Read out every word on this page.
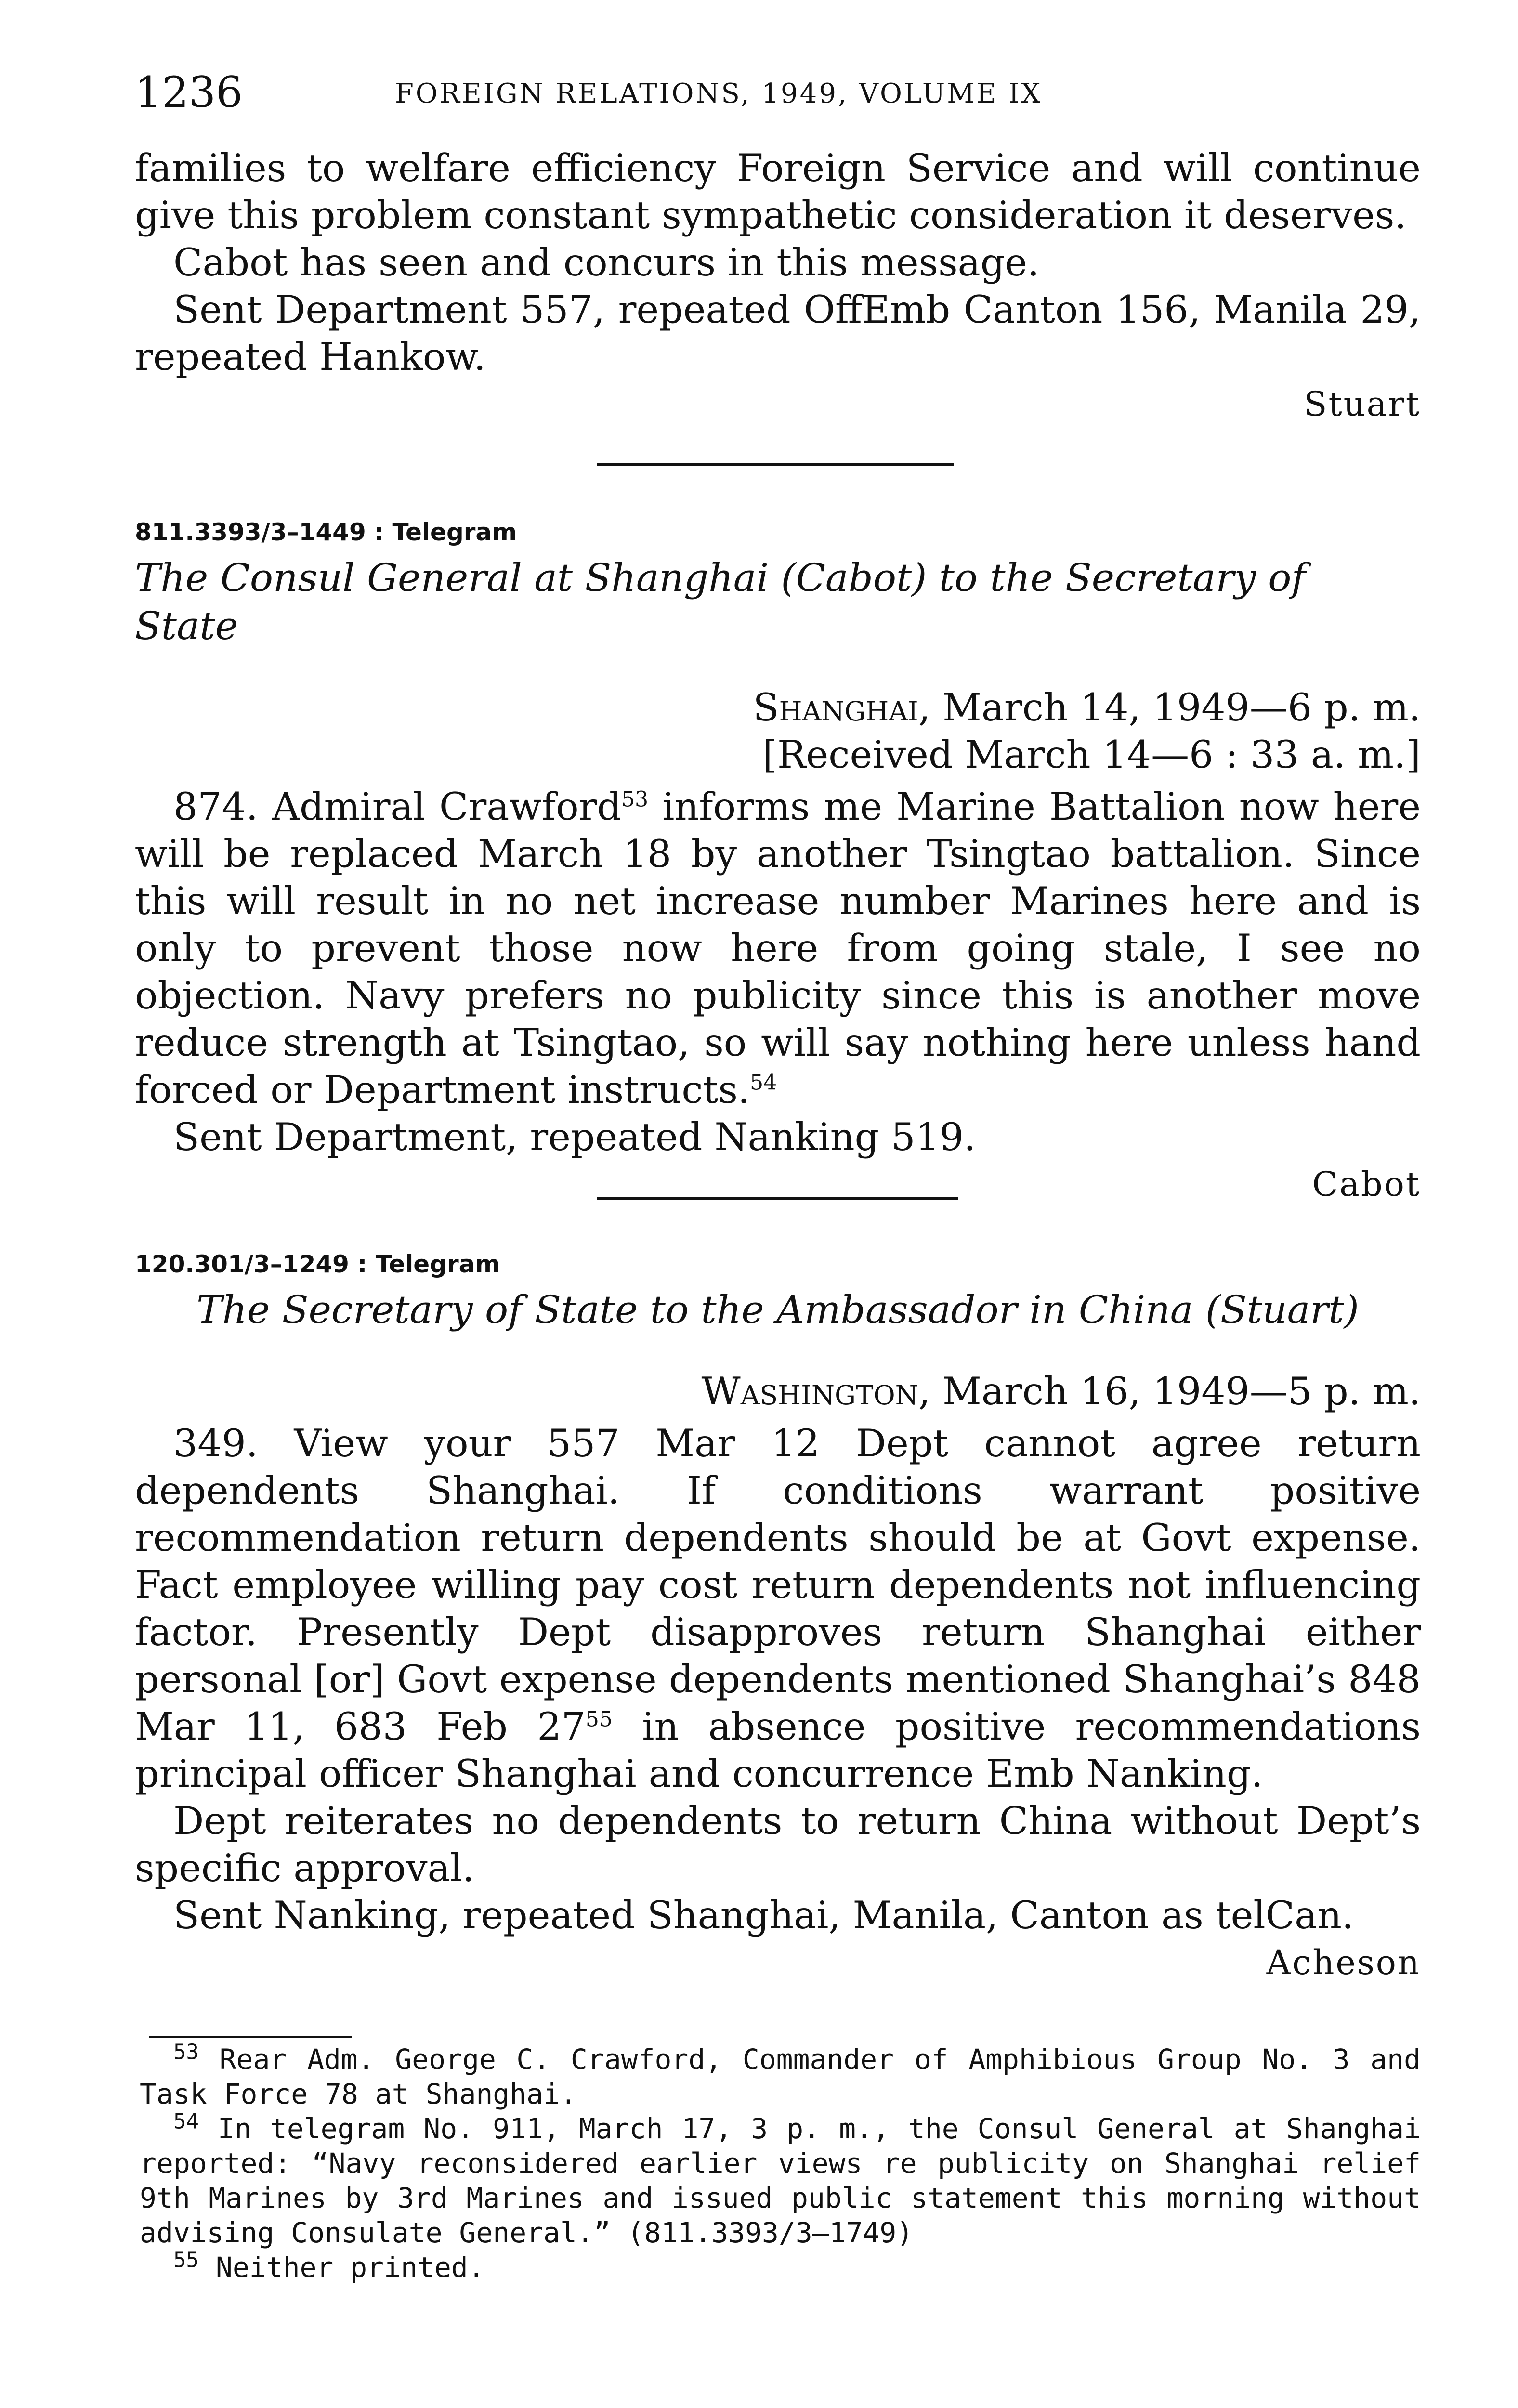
1236	FOREIGN RELATIONS, 1949, VOLUME IX

families to welfare efficiency Foreign Service and will continue give this problem constant sympathetic consideration it deserves.

Cabot has seen and concurs in this message.

Sent Department 557, repeated OffEmb Canton 156, Manila 29, repeated Hankow.

Stuart

811.3393/3–1449 : Telegram

The Consul General at Shanghai (Cabot) to the Secretary of State

Shanghai, March 14, 1949—6 p. m.

[Received March 14—6 : 33 a. m.]

874. Admiral Crawford$^{53}$ informs me Marine Battalion now here will be replaced March 18 by another Tsingtao battalion. Since this will result in no net increase number Marines here and is only to prevent those now here from going stale, I see no objection. Navy prefers no publicity since this is another move reduce strength at Tsingtao, so will say nothing here unless hand forced or Department instructs.$^{54}$

Sent Department, repeated Nanking 519.

Cabot

120.301/3–1249 : Telegram

The Secretary of State to the Ambassador in China (Stuart)

Washington, March 16, 1949—5 p. m.

349. View your 557 Mar 12 Dept cannot agree return dependents Shanghai. If conditions warrant positive recommendation return dependents should be at Govt expense. Fact employee willing pay cost return dependents not influencing factor. Presently Dept disapproves return Shanghai either personal [or] Govt expense dependents mentioned Shanghai’s 848 Mar 11, 683 Feb $27^{55}$ in absence positive recommendations principal officer Shanghai and concurrence Emb Nanking.

Dept reiterates no dependents to return China without Dept’s specific approval.

Sent Nanking, repeated Shanghai, Manila, Canton as telCan.

Acheson

$^{53}$ Rear Adm. George C. Crawford, Commander of Amphibious Group No. 3 and Task Force 78 at Shanghai.

$^{54}$ In telegram No. 911, March 17, 3 p. m., the Consul General at Shanghai reported: “Navy reconsidered earlier views re publicity on Shanghai relief 9th Marines by 3rd Marines and issued public statement this morning without advising Consulate General.” (811.3393/3–1749)

$^{55}$ Neither printed.
